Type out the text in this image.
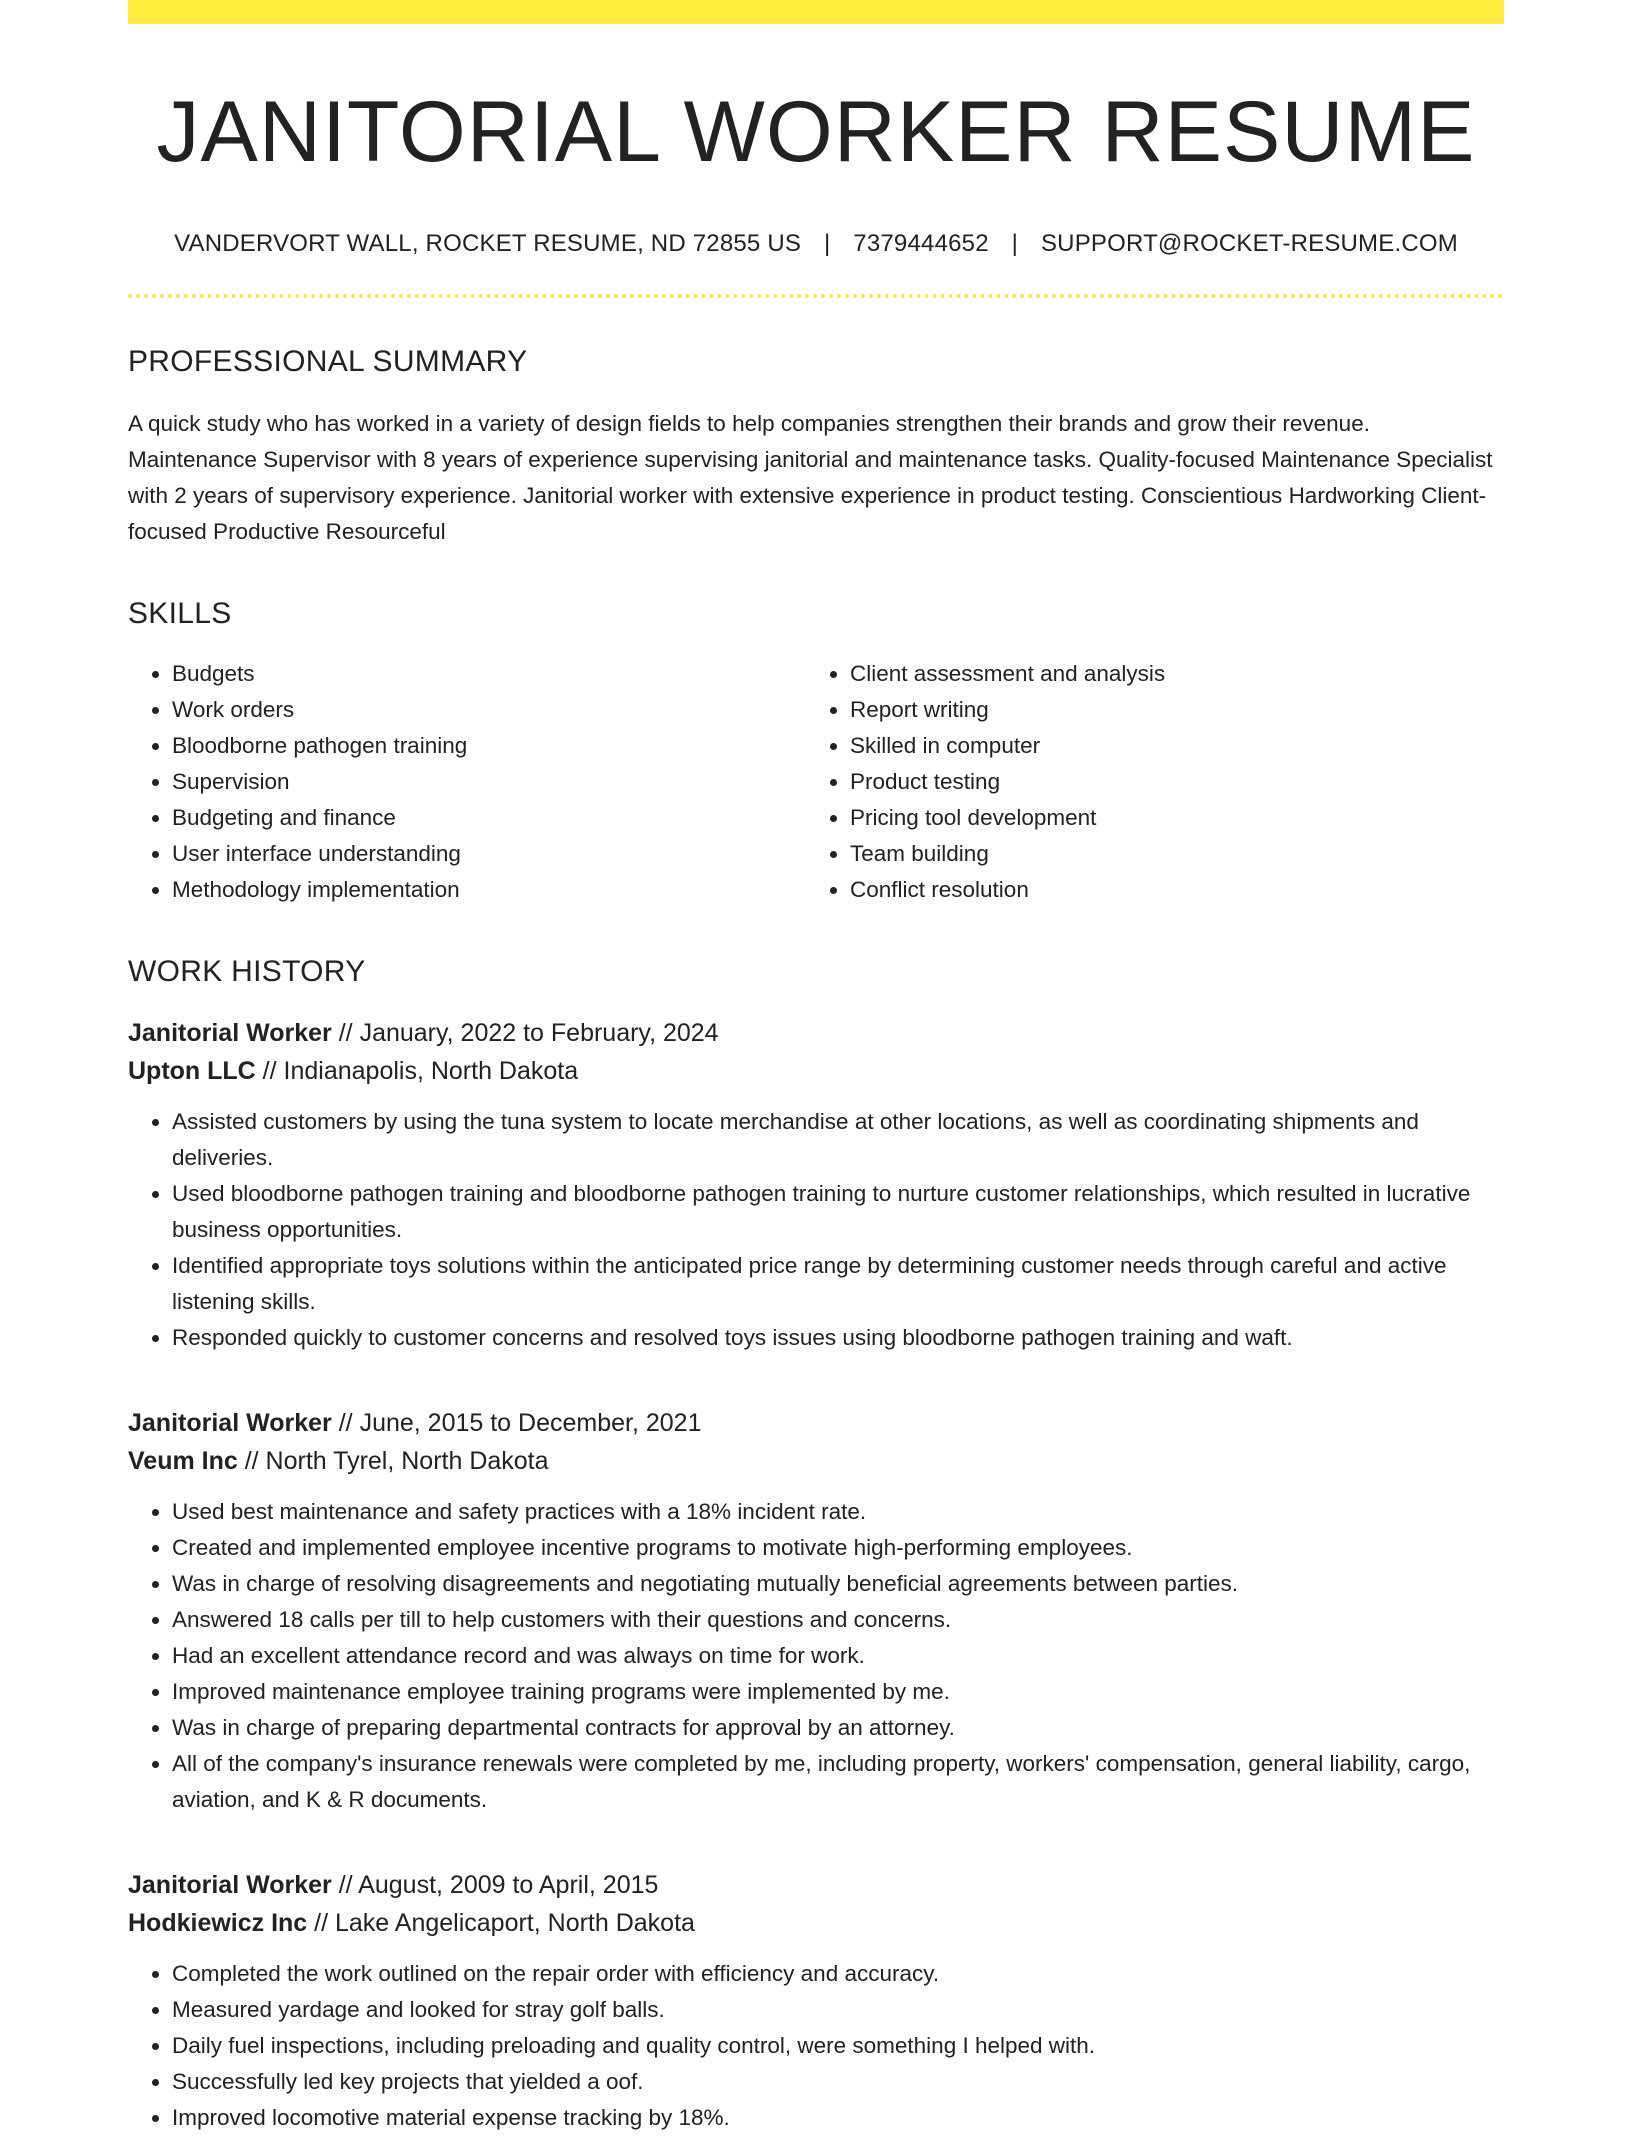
JANITORIAL WORKER RESUME
VANDERVORT WALL, ROCKET RESUME, ND 72855 US | 7379444652 | SUPPORT@ROCKET-RESUME.COM
PROFESSIONAL SUMMARY
A quick study who has worked in a variety of design fields to help companies strengthen their brands and grow their revenue. Maintenance Supervisor with 8 years of experience supervising janitorial and maintenance tasks. Quality-focused Maintenance Specialist with 2 years of supervisory experience. Janitorial worker with extensive experience in product testing. Conscientious Hardworking Client-focused Productive Resourceful
SKILLS
• Budgets
• Work orders
• Bloodborne pathogen training
• Supervision
• Budgeting and finance
• User interface understanding
• Methodology implementation
• Client assessment and analysis
• Report writing
• Skilled in computer
• Product testing
• Pricing tool development
• Team building
• Conflict resolution
WORK HISTORY
Janitorial Worker // January, 2022 to February, 2024
Upton LLC // Indianapolis, North Dakota
• Assisted customers by using the tuna system to locate merchandise at other locations, as well as coordinating shipments and deliveries.
• Used bloodborne pathogen training and bloodborne pathogen training to nurture customer relationships, which resulted in lucrative business opportunities.
• Identified appropriate toys solutions within the anticipated price range by determining customer needs through careful and active listening skills.
• Responded quickly to customer concerns and resolved toys issues using bloodborne pathogen training and waft.
Janitorial Worker // June, 2015 to December, 2021
Veum Inc // North Tyrel, North Dakota
• Used best maintenance and safety practices with a 18% incident rate.
• Created and implemented employee incentive programs to motivate high-performing employees.
• Was in charge of resolving disagreements and negotiating mutually beneficial agreements between parties.
• Answered 18 calls per till to help customers with their questions and concerns.
• Had an excellent attendance record and was always on time for work.
• Improved maintenance employee training programs were implemented by me.
• Was in charge of preparing departmental contracts for approval by an attorney.
• All of the company's insurance renewals were completed by me, including property, workers' compensation, general liability, cargo, aviation, and K & R documents.
Janitorial Worker // August, 2009 to April, 2015
Hodkiewicz Inc // Lake Angelicaport, North Dakota
• Completed the work outlined on the repair order with efficiency and accuracy.
• Measured yardage and looked for stray golf balls.
• Daily fuel inspections, including preloading and quality control, were something I helped with.
• Successfully led key projects that yielded a oof.
• Improved locomotive material expense tracking by 18%.
